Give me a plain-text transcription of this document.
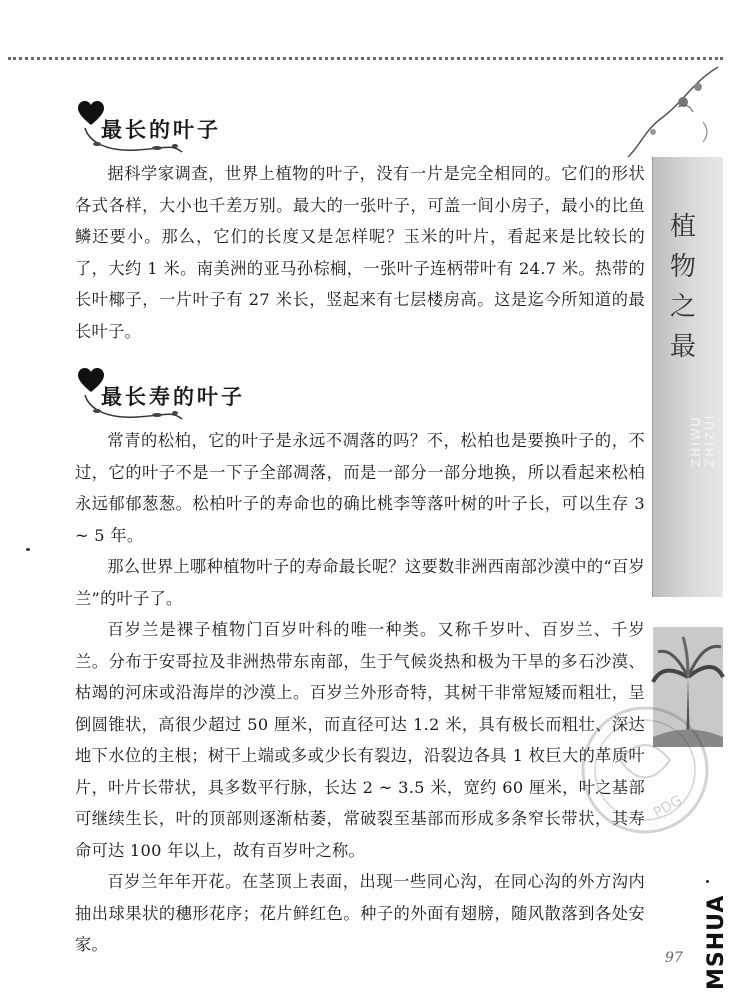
植
物
之
最
ZHIWU ZHIZUI
最长的叶子

据科学家调查，世界上植物的叶子，没有一片是完全相同的。它们的形状各式各样，大小也千差万别。最大的一张叶子，可盖一间小房子，最小的比鱼鳞还要小。那么，它们的长度又是怎样呢？玉米的叶片，看起来是比较长的了，大约 1 米。南美洲的亚马孙棕榈，一张叶子连柄带叶有 24.7 米。热带的长叶椰子，一片叶子有 27 米长，竖起来有七层楼房高。这是迄今所知道的最长叶子。

最长寿的叶子

常青的松柏，它的叶子是永远不凋落的吗？不，松柏也是要换叶子的，不过，它的叶子不是一下子全部凋落，而是一部分一部分地换，所以看起来松柏永远郁郁葱葱。松柏叶子的寿命也的确比桃李等落叶树的叶子长，可以生存 3 ~ 5 年。

那么世界上哪种植物叶子的寿命最长呢？这要数非洲西南部沙漠中的“百岁兰”的叶子了。

百岁兰是裸子植物门百岁叶科的唯一种类。又称千岁叶、百岁兰、千岁兰。分布于安哥拉及非洲热带东南部，生于气候炎热和极为干旱的多石沙漠、枯竭的河床或沿海岸的沙漠上。百岁兰外形奇特，其树干非常短矮而粗壮，呈倒圆锥状，高很少超过 50 厘米，而直径可达 1.2 米，具有极长而粗壮、深达地下水位的主根；树干上端或多或少长有裂边，沿裂边各具 1 枚巨大的革质叶片，叶片长带状，具多数平行脉，长达 2 ~ 3.5 米，宽约 60 厘米，叶之基部可继续生长，叶的顶部则逐渐枯萎，常破裂至基部而形成多条窄长带状，其寿命可达 100 年以上，故有百岁叶之称。

百岁兰年年开花。在茎顶上表面，出现一些同心沟，在同心沟的外方沟内抽出球果状的穗形花序；花片鲜红色。种子的外面有翅膀，随风散落到各处安家。

PDG
97 MSHUA
